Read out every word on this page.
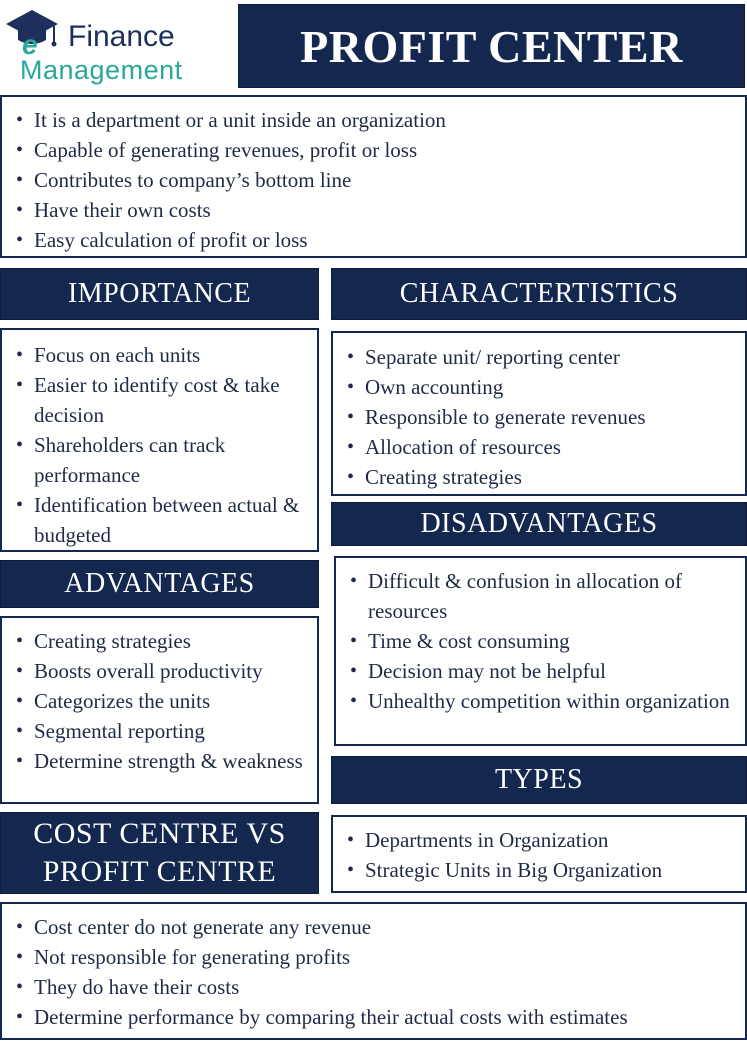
e Finance
Management	PROFIT CENTER
• It is a department or a unit inside an organization
• Capable of generating revenues, profit or loss
• Contributes to company’s bottom line
• Have their own costs
• Easy calculation of profit or loss
IMPORTANCE
• Focus on each units
• Easier to identify cost & take decision
• Shareholders can track performance
• Identification between actual & budgeted
CHARACTERTISTICS
• Separate unit/ reporting center
• Own accounting
• Responsible to generate revenues
• Allocation of resources
• Creating strategies
ADVANTAGES
• Creating strategies
• Boosts overall productivity
• Categorizes the units
• Segmental reporting
• Determine strength & weakness
DISADVANTAGES
• Difficult & confusion in allocation of resources
• Time & cost consuming
• Decision may not be helpful
• Unhealthy competition within organization
TYPES
• Departments in Organization
• Strategic Units in Big Organization
COST CENTRE VS
PROFIT CENTRE
• Cost center do not generate any revenue
• Not responsible for generating profits
• They do have their costs
• Determine performance by comparing their actual costs with estimates
